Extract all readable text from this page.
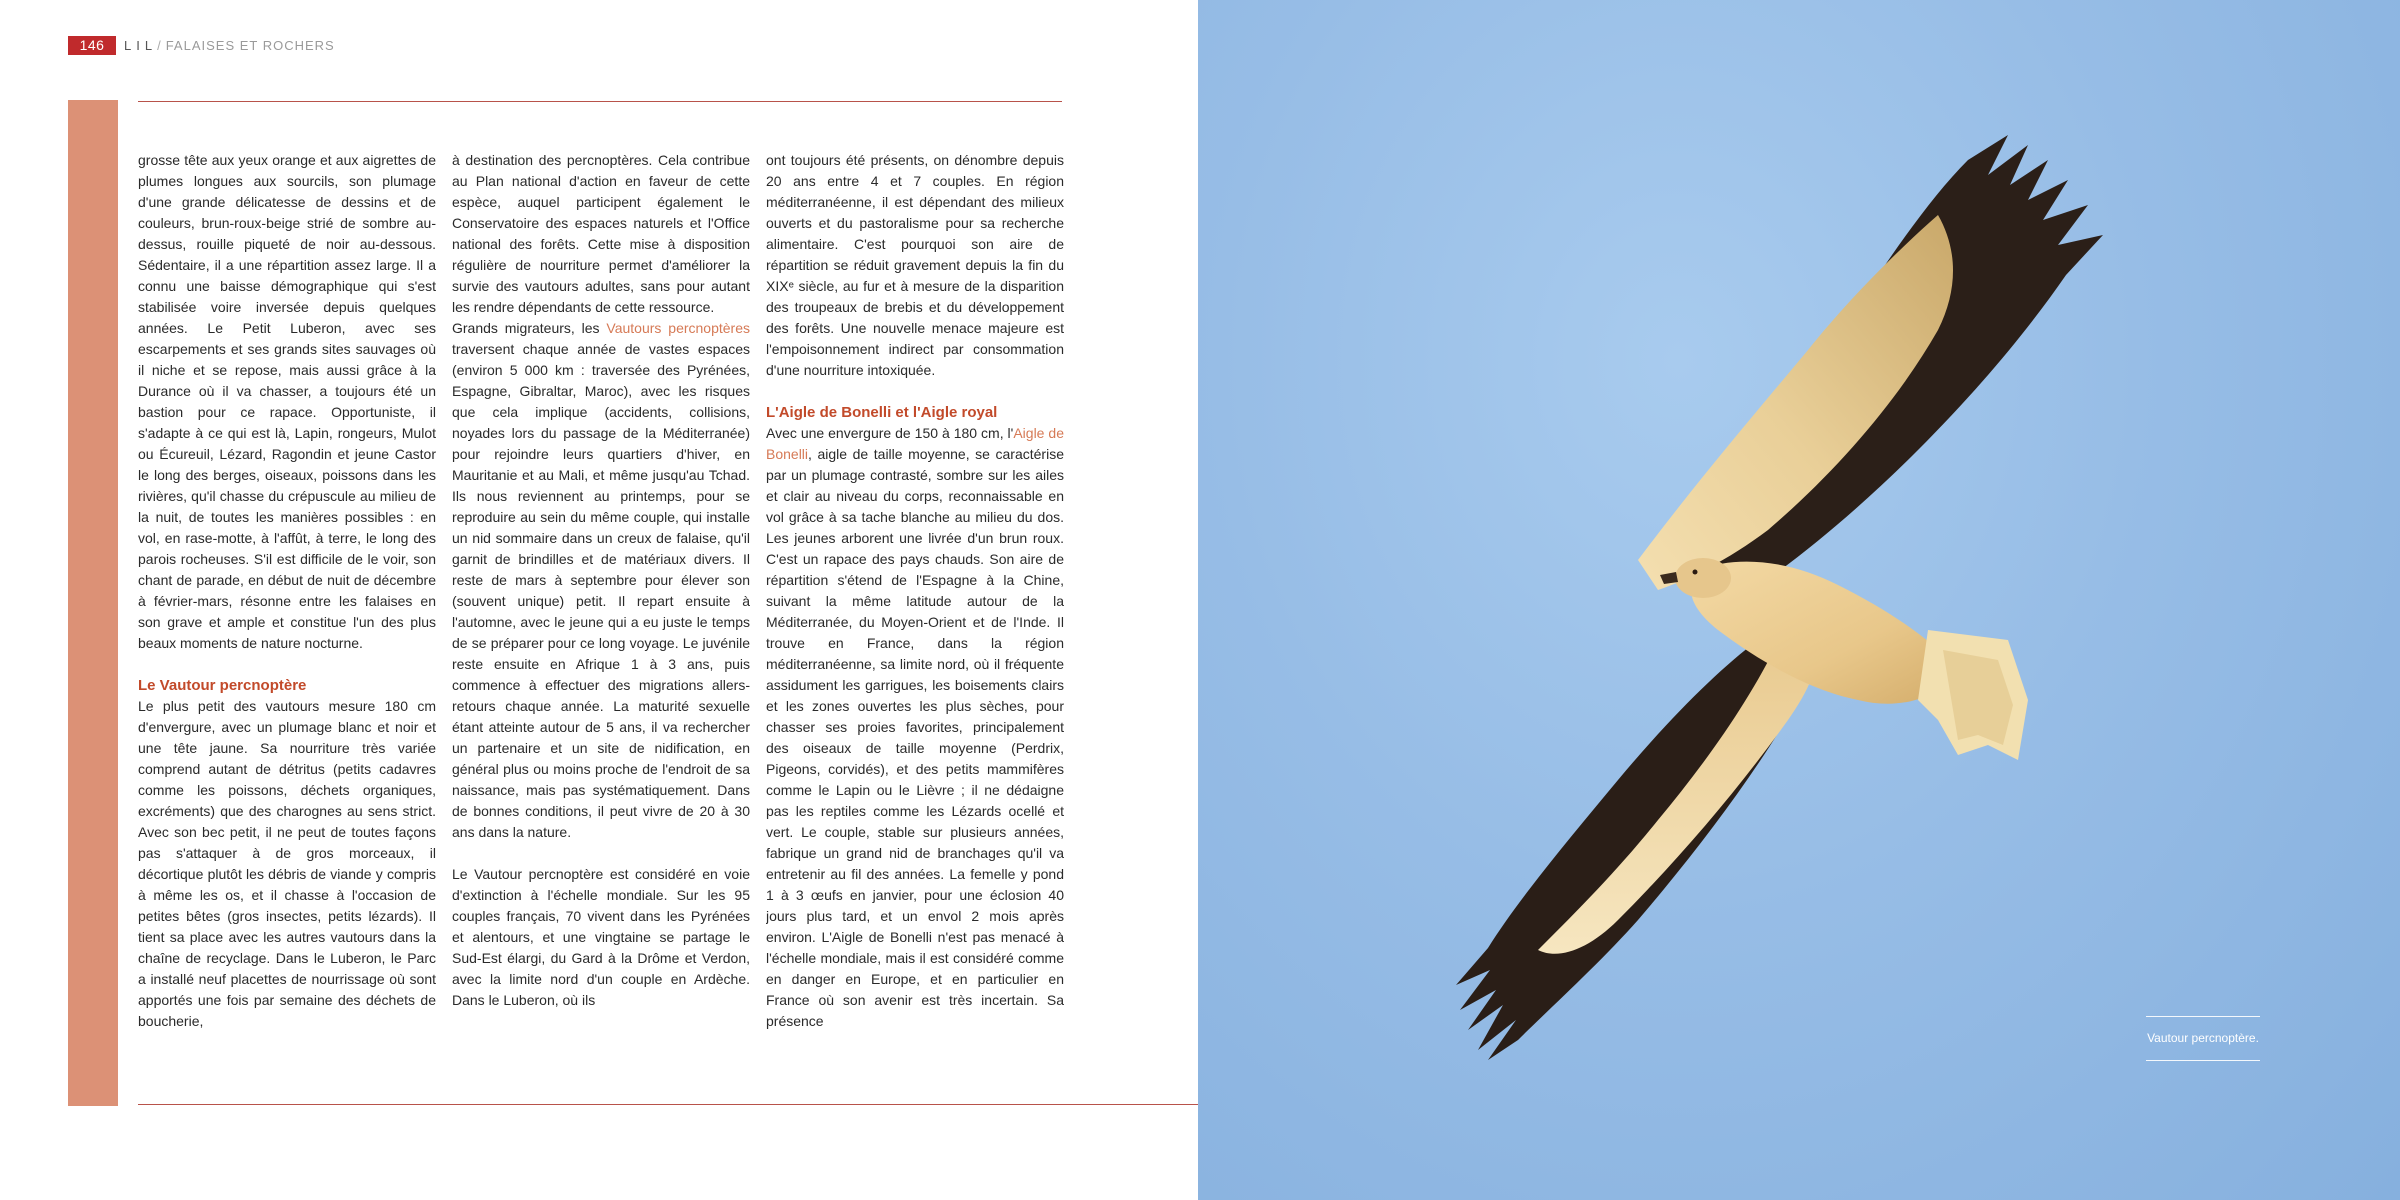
146	LIL/ FALAISES ET ROCHERS

grosse tête aux yeux orange et aux aigrettes de plumes longues aux sourcils, son plumage d'une grande délicatesse de dessins et de couleurs, brun-roux-beige strié de sombre au-dessus, rouille piqueté de noir au-dessous. Sédentaire, il a une répartition assez large. Il a connu une baisse démographique qui s'est stabilisée voire inversée depuis quelques années. Le Petit Luberon, avec ses escarpements et ses grands sites sauvages où il niche et se repose, mais aussi grâce à la Durance où il va chasser, a toujours été un bastion pour ce rapace. Opportuniste, il s'adapte à ce qui est là, Lapin, rongeurs, Mulot ou Écureuil, Lézard, Ragondin et jeune Castor le long des berges, oiseaux, poissons dans les rivières, qu'il chasse du crépuscule au milieu de la nuit, de toutes les manières possibles : en vol, en rase-motte, à l'affût, à terre, le long des parois rocheuses. S'il est difficile de le voir, son chant de parade, en début de nuit de décembre à février-mars, résonne entre les falaises en son grave et ample et constitue l'un des plus beaux moments de nature nocturne.

Le Vautour percnoptère

Le plus petit des vautours mesure 180 cm d'envergure, avec un plumage blanc et noir et une tête jaune. Sa nourriture très variée comprend autant de détritus (petits cadavres comme les poissons, déchets organiques, excréments) que des charognes au sens strict. Avec son bec petit, il ne peut de toutes façons pas s'attaquer à de gros morceaux, il décortique plutôt les débris de viande y compris à même les os, et il chasse à l'occasion de petites bêtes (gros insectes, petits lézards). Il tient sa place avec les autres vautours dans la chaîne de recyclage. Dans le Luberon, le Parc a installé neuf placettes de nourrissage où sont apportés une fois par semaine des déchets de boucherie,

à destination des percnoptères. Cela contribue au Plan national d'action en faveur de cette espèce, auquel participent également le Conservatoire des espaces naturels et l'Office national des forêts. Cette mise à disposition régulière de nourriture permet d'améliorer la survie des vautours adultes, sans pour autant les rendre dépendants de cette ressource.

Grands migrateurs, les Vautours percnoptères traversent chaque année de vastes espaces (environ 5 000 km : traversée des Pyrénées, Espagne, Gibraltar, Maroc), avec les risques que cela implique (accidents, collisions, noyades lors du passage de la Méditerranée) pour rejoindre leurs quartiers d'hiver, en Mauritanie et au Mali, et même jusqu'au Tchad. Ils nous reviennent au printemps, pour se reproduire au sein du même couple, qui installe un nid sommaire dans un creux de falaise, qu'il garnit de brindilles et de matériaux divers. Il reste de mars à septembre pour élever son (souvent unique) petit. Il repart ensuite à l'automne, avec le jeune qui a eu juste le temps de se préparer pour ce long voyage. Le juvénile reste ensuite en Afrique 1 à 3 ans, puis commence à effectuer des migrations allers-retours chaque année. La maturité sexuelle étant atteinte autour de 5 ans, il va rechercher un partenaire et un site de nidification, en général plus ou moins proche de l'endroit de sa naissance, mais pas systématiquement. Dans de bonnes conditions, il peut vivre de 20 à 30 ans dans la nature.

Le Vautour percnoptère est considéré en voie d'extinction à l'échelle mondiale. Sur les 95 couples français, 70 vivent dans les Pyrénées et alentours, et une vingtaine se partage le Sud-Est élargi, du Gard à la Drôme et Verdon, avec la limite nord d'un couple en Ardèche. Dans le Luberon, où ils

ont toujours été présents, on dénombre depuis 20 ans entre 4 et 7 couples. En région méditerranéenne, il est dépendant des milieux ouverts et du pastoralisme pour sa recherche alimentaire. C'est pourquoi son aire de répartition se réduit gravement depuis la fin du XIXᵉ siècle, au fur et à mesure de la disparition des troupeaux de brebis et du développement des forêts. Une nouvelle menace majeure est l'empoisonnement indirect par consommation d'une nourriture intoxiquée.

L'Aigle de Bonelli et l'Aigle royal

Avec une envergure de 150 à 180 cm, l'Aigle de Bonelli, aigle de taille moyenne, se caractérise par un plumage contrasté, sombre sur les ailes et clair au niveau du corps, reconnaissable en vol grâce à sa tache blanche au milieu du dos. Les jeunes arborent une livrée d'un brun roux. C'est un rapace des pays chauds. Son aire de répartition s'étend de l'Espagne à la Chine, suivant la même latitude autour de la Méditerranée, du Moyen-Orient et de l'Inde. Il trouve en France, dans la région méditerranéenne, sa limite nord, où il fréquente assidument les garrigues, les boisements clairs et les zones ouvertes les plus sèches, pour chasser ses proies favorites, principalement des oiseaux de taille moyenne (Perdrix, Pigeons, corvidés), et des petits mammifères comme le Lapin ou le Lièvre ; il ne dédaigne pas les reptiles comme les Lézards ocellé et vert. Le couple, stable sur plusieurs années, fabrique un grand nid de branchages qu'il va entretenir au fil des années. La femelle y pond 1 à 3 œufs en janvier, pour une éclosion 40 jours plus tard, et un envol 2 mois après environ. L'Aigle de Bonelli n'est pas menacé à l'échelle mondiale, mais il est considéré comme en danger en Europe, et en particulier en France où son avenir est très incertain. Sa présence

Vautour percnoptère.
